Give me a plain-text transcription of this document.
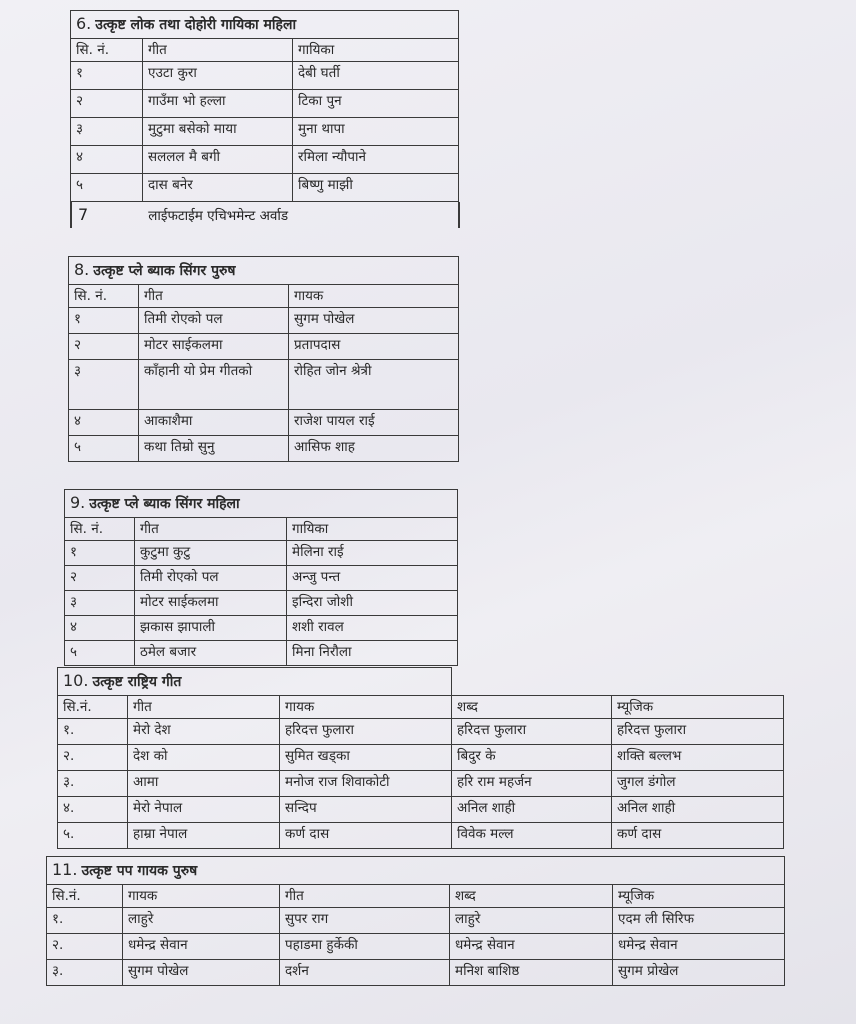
6. उत्कृष्ट लोक तथा दोहोरी गायिका महिला		
सि. नं.	गीत	गायिका
१	एउटा कुरा	देबी घर्ती
२	गाउँमा भो हल्ला	टिका पुन
३	मुटुमा बसेको माया	मुना थापा
४	सललल मै बगी	रमिला न्यौपाने
५	दास बनेर	बिष्णु माझी
7	लाईफटाईम एचिभमेन्ट अर्वाड
8. उत्कृष्ट प्ले ब्याक सिंगर पुरुष		
सि. नं.	गीत	गायक
१	तिमी रोएको पल	सुगम पोखेल
२	मोटर साईकलमा	प्रतापदास
३	काँहानी यो प्रेम गीतको	रोहित जोन श्रेत्री
४	आकाशैमा	राजेश पायल राई
५	कथा तिम्रो सुनु	आसिफ शाह
9. उत्कृष्ट प्ले ब्याक सिंगर महिला		
सि. नं.	गीत	गायिका
१	कुटुमा कुटु	मेलिना राई
२	तिमी रोएको पल	अन्जु पन्त
३	मोटर साईकलमा	इन्दिरा जोशी
४	झकास झापाली	शशी रावल
५	ठमेल बजार	मिना निरौला
10. उत्कृष्ट राष्ट्रिय गीत				
सि.नं.	गीत	गायक	शब्द	म्यूजिक
१.	मेरो देश	हरिदत्त फुलारा	हरिदत्त फुलारा	हरिदत्त फुलारा
२.	देश को	सुमित खड्का	बिदुर के	शक्ति बल्लभ
३.	आमा	मनोज राज शिवाकोटी	हरि राम महर्जन	जुगल डंगोल
४.	मेरो नेपाल	सन्दिप	अनिल शाही	अनिल शाही
५.	हाम्रा नेपाल	कर्ण दास	विवेक मल्ल	कर्ण दास
11. उत्कृष्ट पप गायक पुरुष				
सि.नं.	गायक	गीत	शब्द	म्यूजिक
१.	लाहुरे	सुपर राग	लाहुरे	एदम ली सिरिफ
२.	धमेन्द्र सेवान	पहाडमा हुर्केकी	धमेन्द्र सेवान	धमेन्द्र सेवान
३.	सुगम पोखेल	दर्शन	मनिश बाशिष्ठ	सुगम प्रोखेल
